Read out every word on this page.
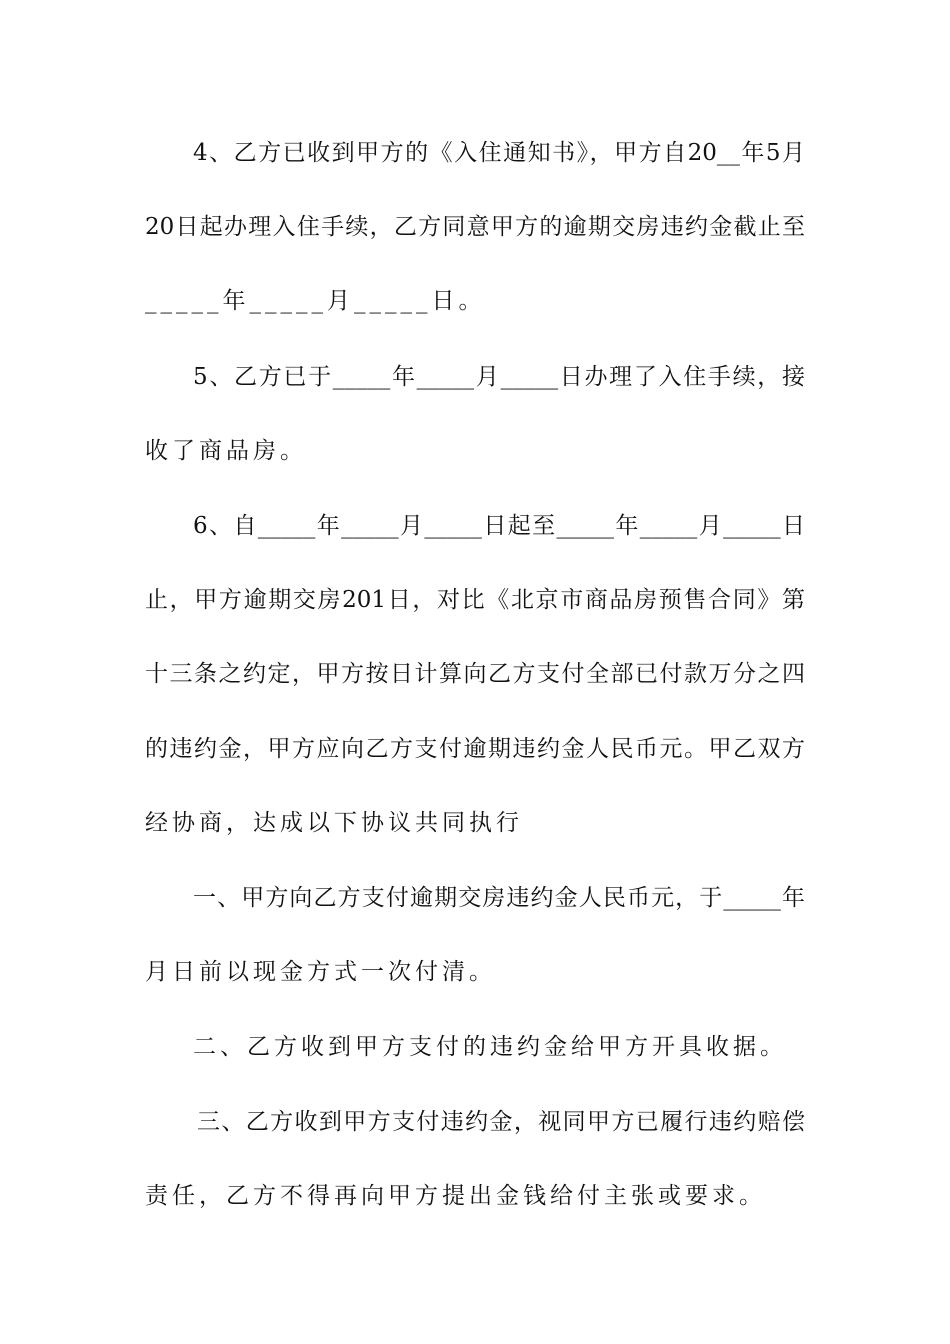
4、乙方已收到甲方的《入住通知书》，甲方自20__年5月
20日起办理入住手续，乙方同意甲方的逾期交房违约金截止至
_____年_____月_____日。
5、乙方已于_____年_____月_____日办理了入住手续，接
收了商品房。
6、自_____年_____月_____日起至_____年_____月_____日
止，甲方逾期交房201日，对比《北京市商品房预售合同》第
十三条之约定，甲方按日计算向乙方支付全部已付款万分之四
的违约金，甲方应向乙方支付逾期违约金人民币元。甲乙双方
经协商，达成以下协议共同执行
一、甲方向乙方支付逾期交房违约金人民币元，于_____年
月日前以现金方式一次付清。
二、乙方收到甲方支付的违约金给甲方开具收据。
三、乙方收到甲方支付违约金，视同甲方已履行违约赔偿
责任，乙方不得再向甲方提出金钱给付主张或要求。
